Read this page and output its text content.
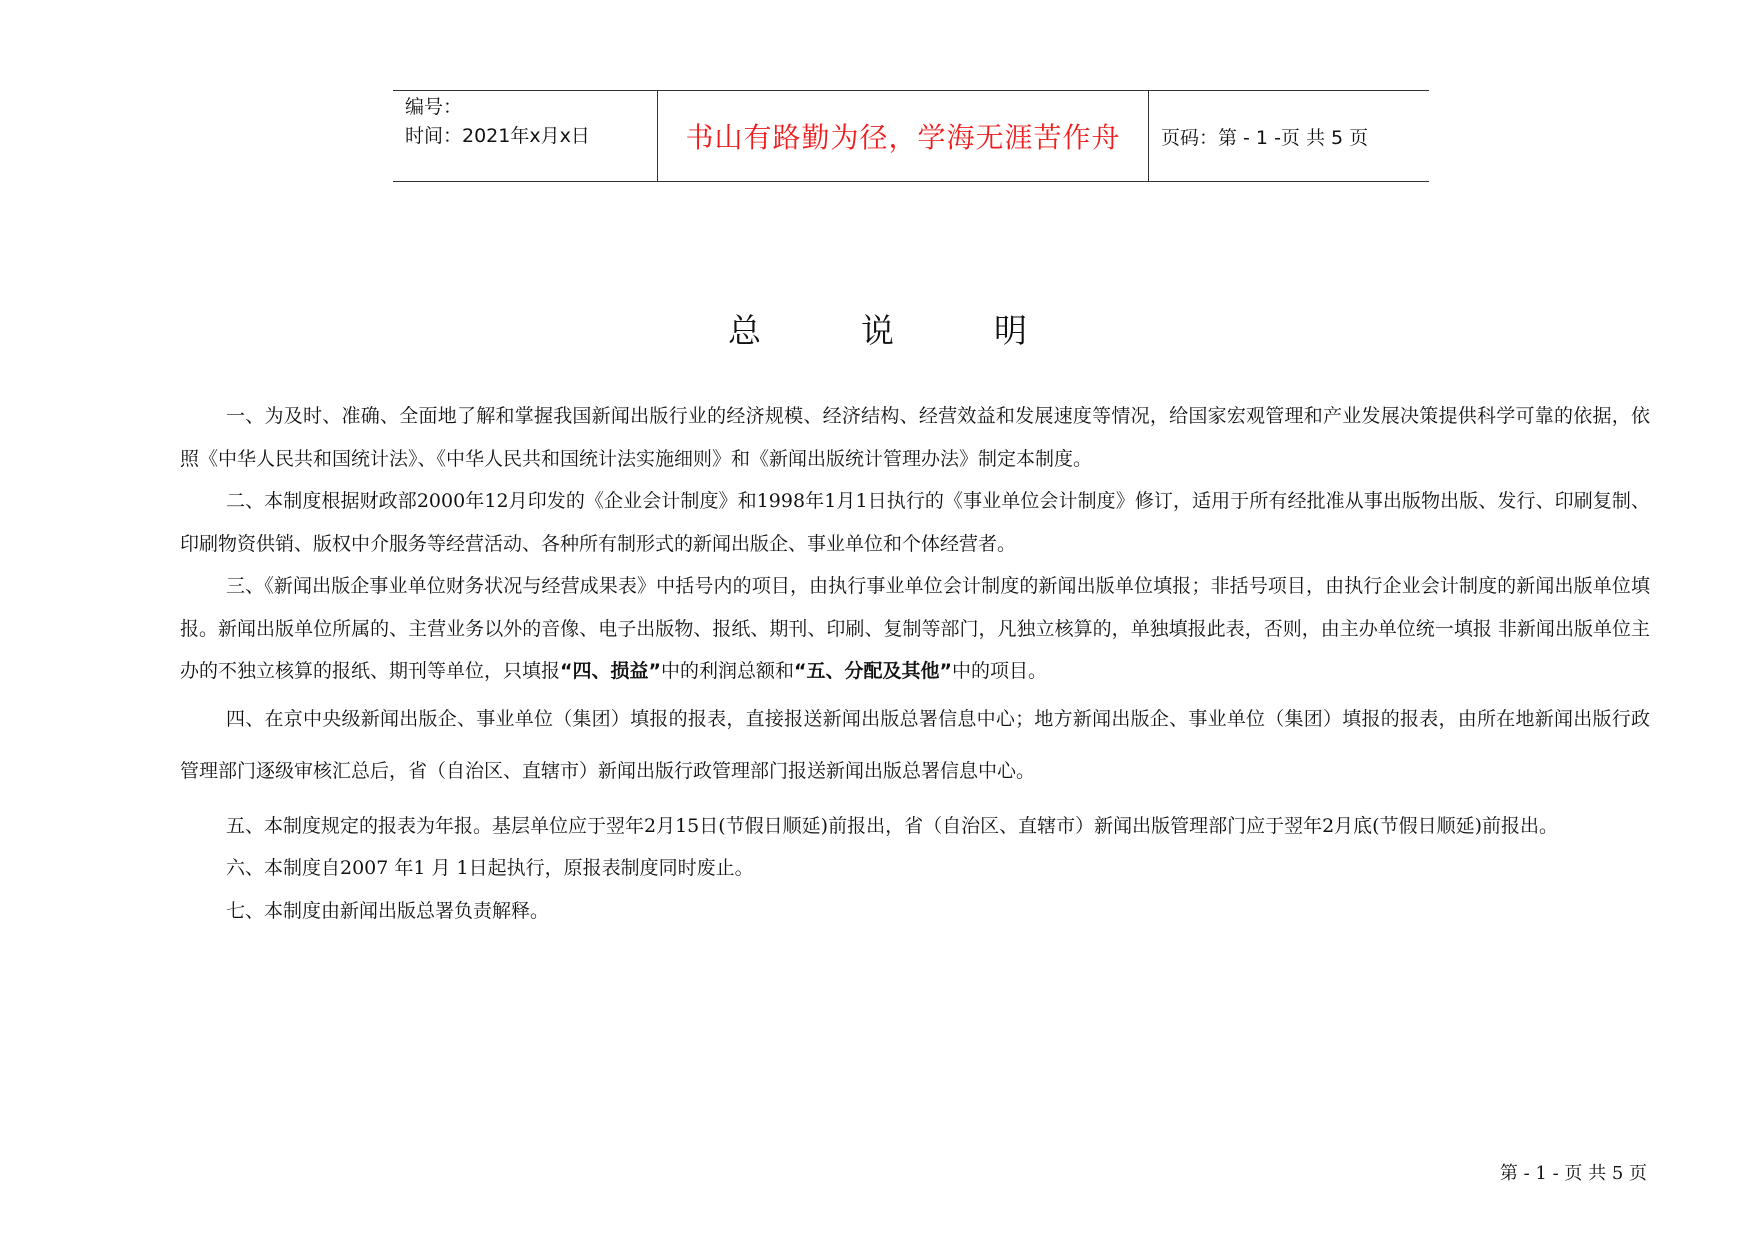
编号：
时间：2021年x月x日	书山有路勤为径，学海无涯苦作舟 页码：第 - 1 -页 共 5 页
总说明

一、为及时、准确、全面地了解和掌握我国新闻出版行业的经济规模、经济结构、经营效益和发展速度等情况，给国家宏观管理和产业发展决策提供科学可靠的依据，依照《中华人民共和国统计法》、《中华人民共和国统计法实施细则》和《新闻出版统计管理办法》制定本制度。

二、本制度根据财政部2000年12月印发的《企业会计制度》和1998年1月1日执行的《事业单位会计制度》修订，适用于所有经批准从事出版物出版、发行、印刷复制、印刷物资供销、版权中介服务等经营活动、各种所有制形式的新闻出版企、事业单位和个体经营者。

三、《新闻出版企事业单位财务状况与经营成果表》中括号内的项目，由执行事业单位会计制度的新闻出版单位填报；非括号项目，由执行企业会计制度的新闻出版单位填报。新闻出版单位所属的、主营业务以外的音像、电子出版物、报纸、期刊、印刷、复制等部门，凡独立核算的，单独填报此表，否则，由主办单位统一填报 非新闻出版单位主办的不独立核算的报纸、期刊等单位，只填报“四、损益”中的利润总额和“五、分配及其他”中的项目。

四、在京中央级新闻出版企、事业单位（集团）填报的报表，直接报送新闻出版总署信息中心；地方新闻出版企、事业单位（集团）填报的报表，由所在地新闻出版行政管理部门逐级审核汇总后，省（自治区、直辖市）新闻出版行政管理部门报送新闻出版总署信息中心。

五、本制度规定的报表为年报。基层单位应于翌年2月15日(节假日顺延)前报出，省（自治区、直辖市）新闻出版管理部门应于翌年2月底(节假日顺延)前报出。

六、本制度自2007 年1 月 1日起执行，原报表制度同时废止。

七、本制度由新闻出版总署负责解释。

第 - 1 - 页 共 5 页
